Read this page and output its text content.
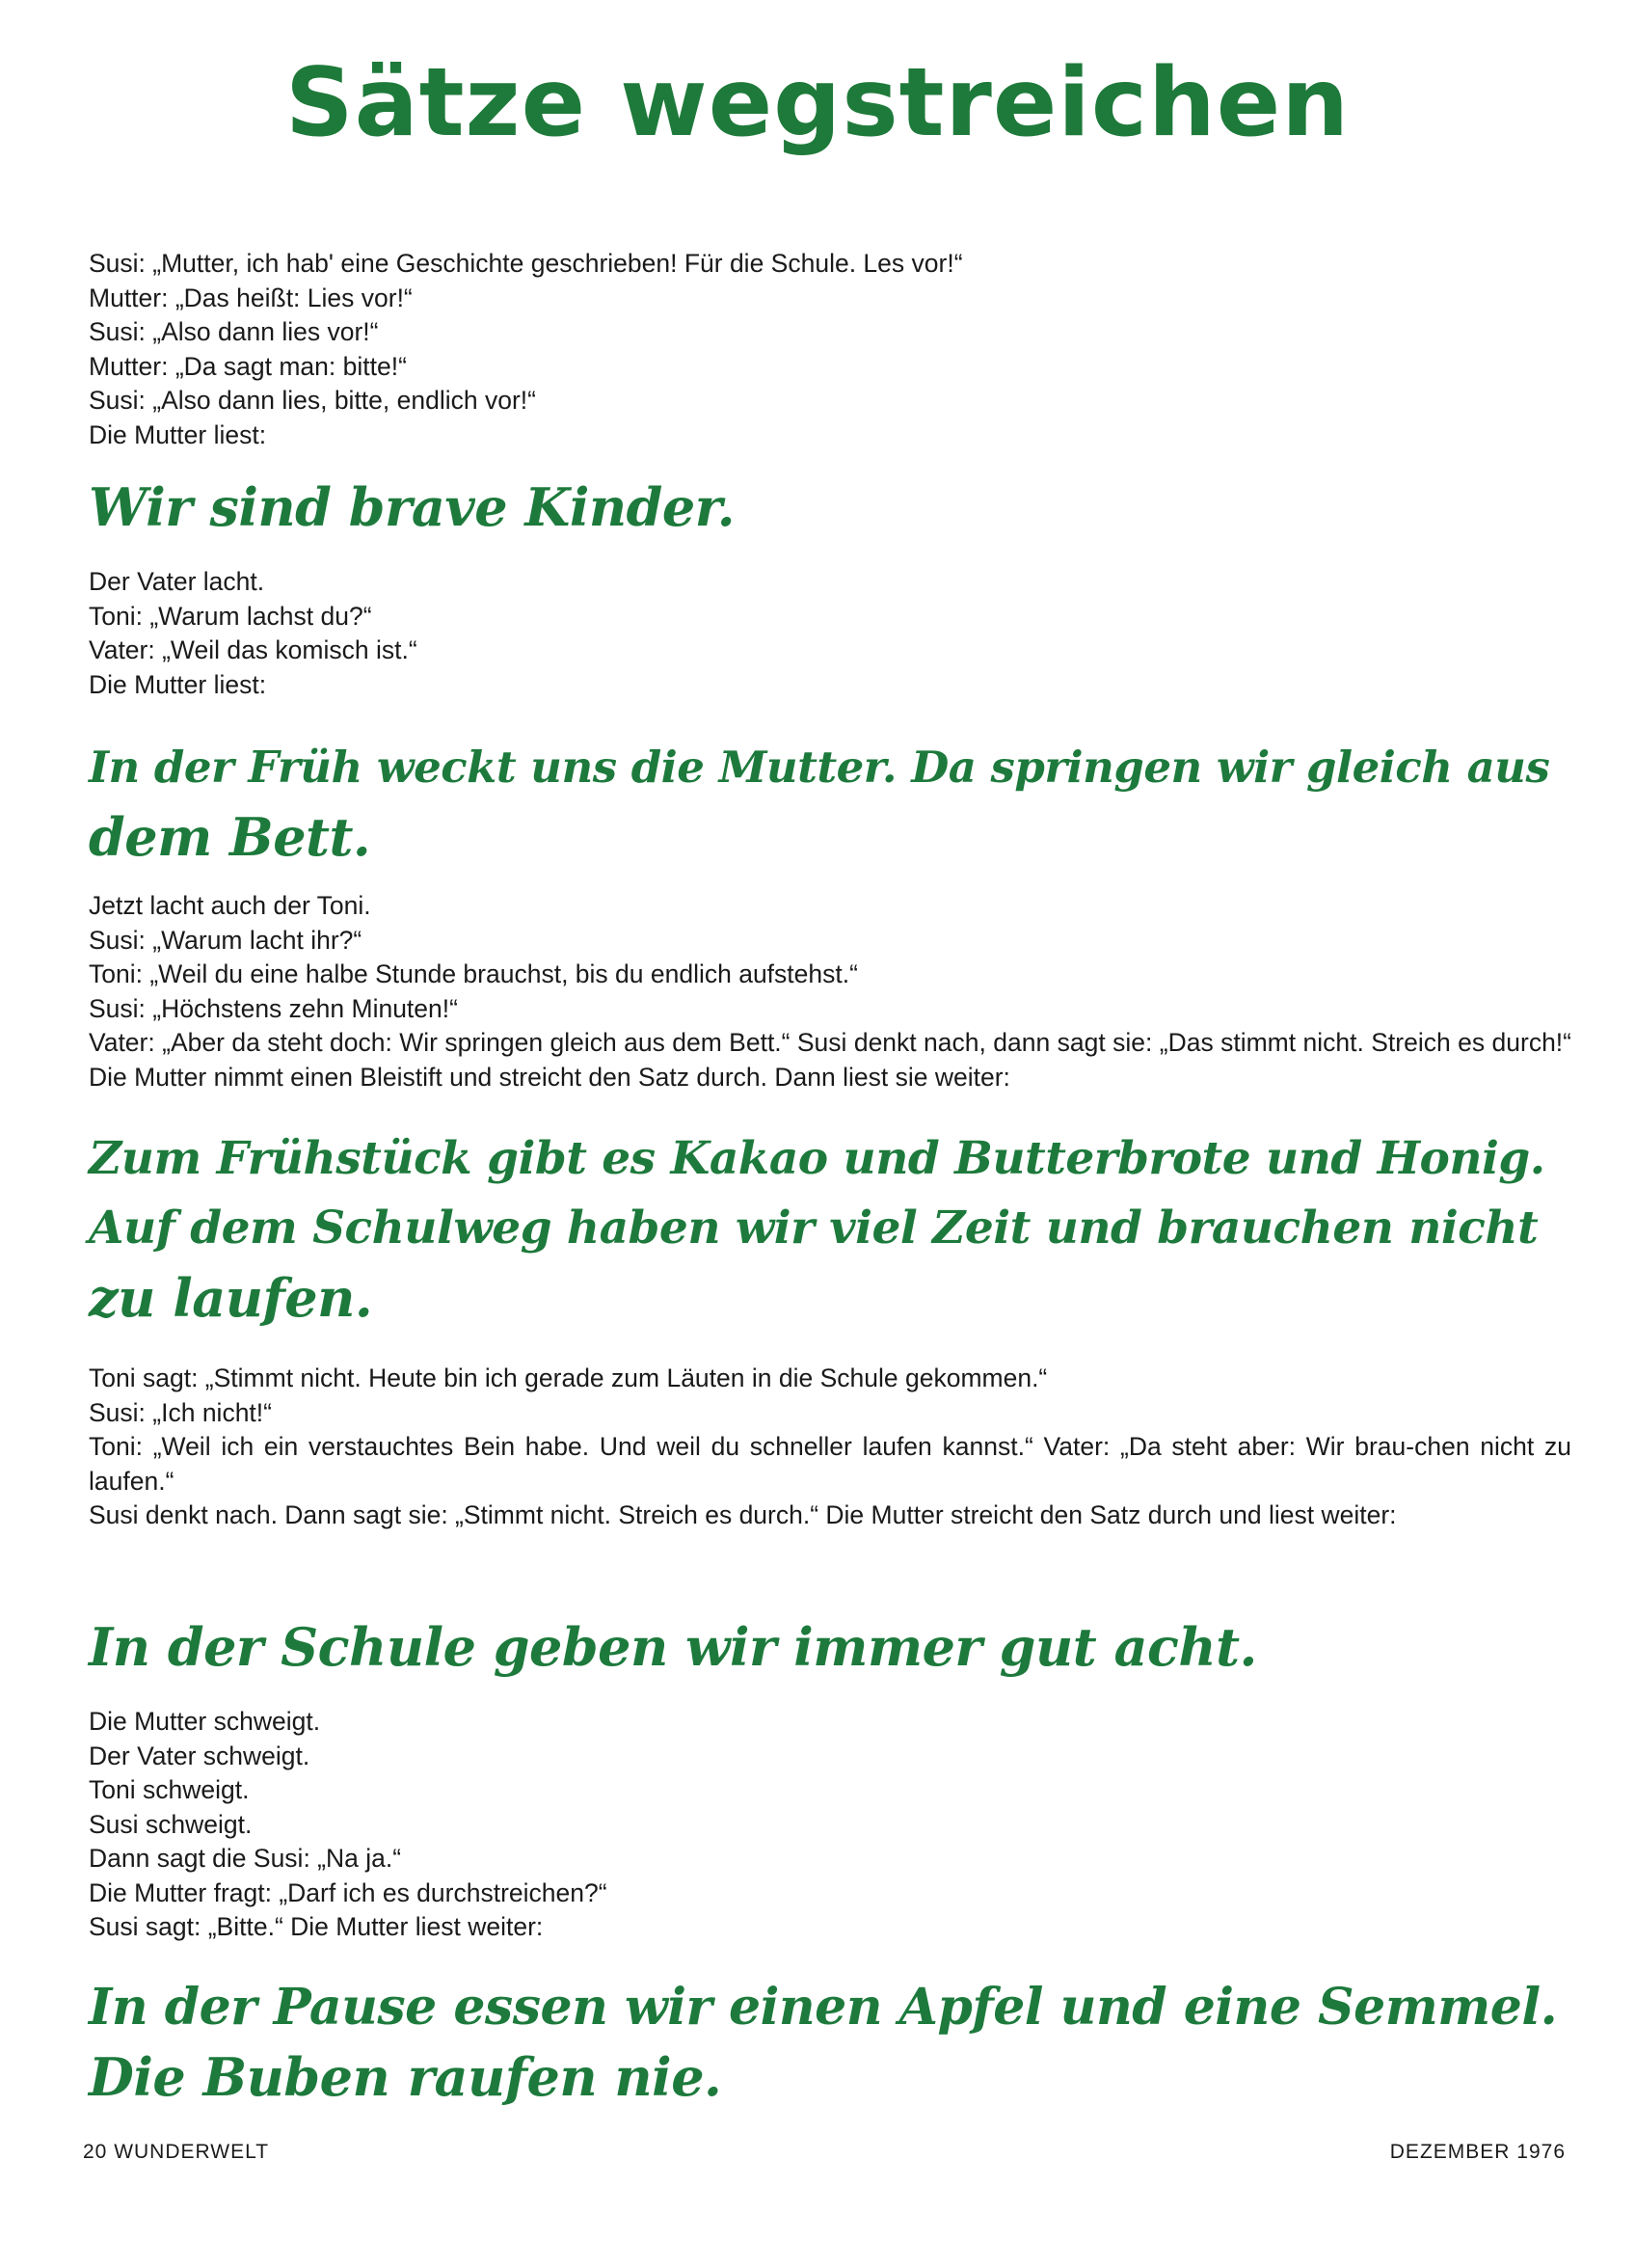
Sätze wegstreichen
Susi: „Mutter, ich hab' eine Geschichte geschrieben! Für die Schule. Les vor!“
Mutter: „Das heißt: Lies vor!“
Susi: „Also dann lies vor!“
Mutter: „Da sagt man: bitte!“
Susi: „Also dann lies, bitte, endlich vor!“
Die Mutter liest:
Wir sind brave Kinder.
Der Vater lacht.
Toni: „Warum lachst du?“
Vater: „Weil das komisch ist.“
Die Mutter liest:
In der Früh weckt uns die Mutter. Da springen wir gleich aus
dem Bett.
Jetzt lacht auch der Toni.
Susi: „Warum lacht ihr?“
Toni: „Weil du eine halbe Stunde brauchst, bis du endlich aufstehst.“
Susi: „Höchstens zehn Minuten!“
Vater: „Aber da steht doch: Wir springen gleich aus dem Bett.“ Susi denkt nach, dann sagt sie: „Das stimmt nicht. Streich es durch!“ Die Mutter nimmt einen Bleistift und streicht den Satz durch. Dann liest sie weiter:
Zum Frühstück gibt es Kakao und Butterbrote und Honig.
Auf dem Schulweg haben wir viel Zeit und brauchen nicht
zu laufen.
Toni sagt: „Stimmt nicht. Heute bin ich gerade zum Läuten in die Schule gekommen.“
Susi: „Ich nicht!“
Toni: „Weil ich ein verstauchtes Bein habe. Und weil du schneller laufen kannst.“ Vater: „Da steht aber: Wir brau-chen nicht zu laufen.“
Susi denkt nach. Dann sagt sie: „Stimmt nicht. Streich es durch.“ Die Mutter streicht den Satz durch und liest weiter:
In der Schule geben wir immer gut acht.
Die Mutter schweigt.
Der Vater schweigt.
Toni schweigt.
Susi schweigt.
Dann sagt die Susi: „Na ja.“
Die Mutter fragt: „Darf ich es durchstreichen?“
Susi sagt: „Bitte.“ Die Mutter liest weiter:
In der Pause essen wir einen Apfel und eine Semmel.
Die Buben raufen nie.
20 WUNDERWELT	DEZEMBER 1976
